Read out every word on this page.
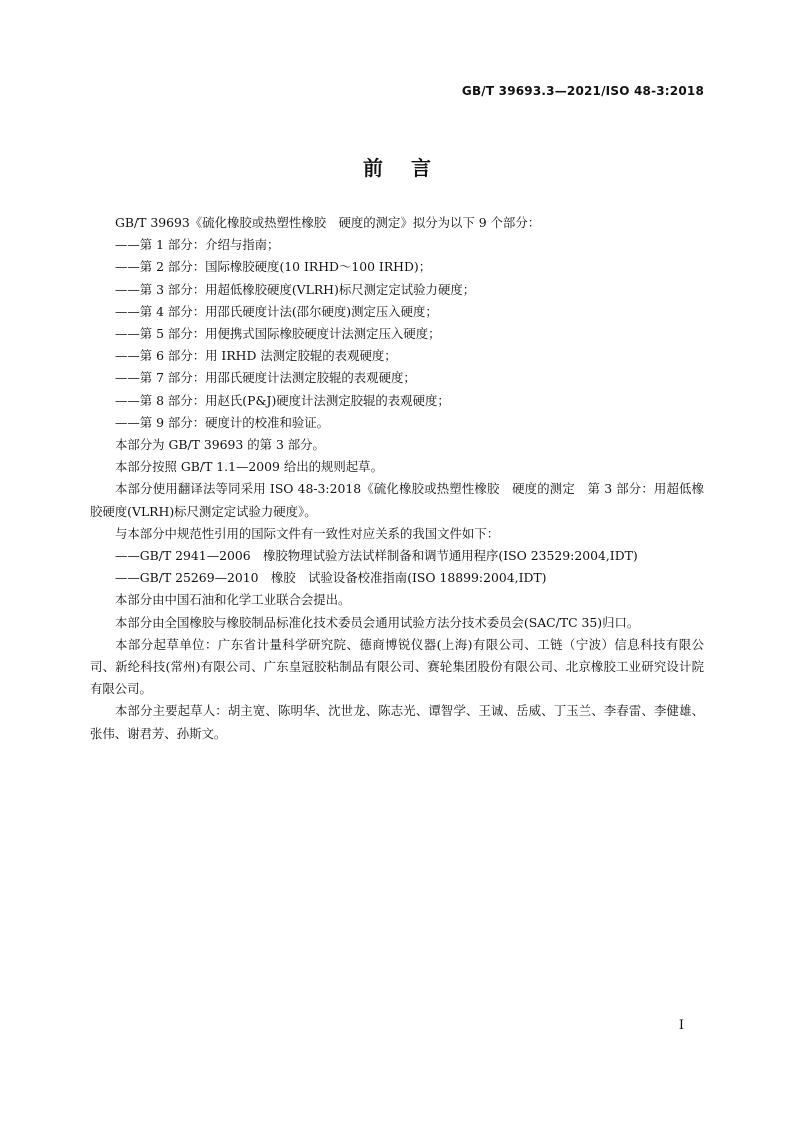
GB/T 39693.3—2021/ISO 48-3:2018
前言

GB/T 39693《硫化橡胶或热塑性橡胶　硬度的测定》拟分为以下 9 个部分：

——第 1 部分：介绍与指南；

——第 2 部分：国际橡胶硬度(10 IRHD～100 IRHD)；

——第 3 部分：用超低橡胶硬度(VLRH)标尺测定定试验力硬度；

——第 4 部分：用邵氏硬度计法(邵尔硬度)测定压入硬度；

——第 5 部分：用便携式国际橡胶硬度计法测定压入硬度；

——第 6 部分：用 IRHD 法测定胶辊的表观硬度；

——第 7 部分：用邵氏硬度计法测定胶辊的表观硬度；

——第 8 部分：用赵氏(P&J)硬度计法测定胶辊的表观硬度；

——第 9 部分：硬度计的校准和验证。

本部分为 GB/T 39693 的第 3 部分。

本部分按照 GB/T 1.1—2009 给出的规则起草。

本部分使用翻译法等同采用 ISO 48-3:2018《硫化橡胶或热塑性橡胶　硬度的测定　第 3 部分：用超低橡胶硬度(VLRH)标尺测定定试验力硬度》。

与本部分中规范性引用的国际文件有一致性对应关系的我国文件如下：

——GB/T 2941—2006　橡胶物理试验方法试样制备和调节通用程序(ISO 23529:2004,IDT)

——GB/T 25269—2010　橡胶　试验设备校准指南(ISO 18899:2004,IDT)

本部分由中国石油和化学工业联合会提出。

本部分由全国橡胶与橡胶制品标准化技术委员会通用试验方法分技术委员会(SAC/TC 35)归口。

本部分起草单位：广东省计量科学研究院、德商博锐仪器(上海)有限公司、工链（宁波）信息科技有限公司、新纶科技(常州)有限公司、广东皇冠胶粘制品有限公司、赛轮集团股份有限公司、北京橡胶工业研究设计院有限公司。

本部分主要起草人：胡主宽、陈明华、沈世龙、陈志光、谭智学、王诚、岳威、丁玉兰、李春雷、李健雄、张伟、谢君芳、孙斯文。

I
